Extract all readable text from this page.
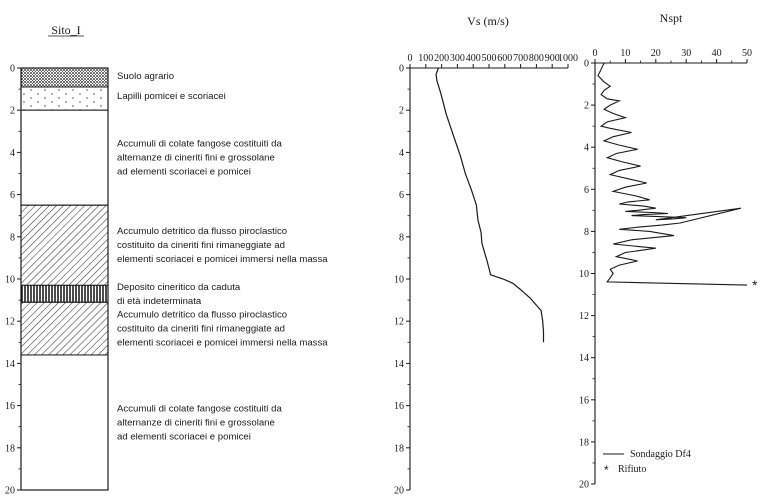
Sito_I
Suolo agrario
Lapilli pomicei e scoriacei
Accumuli di colate fangose costituiti da
alternanze di cineriti fini e grossolane
ad elementi scoriacei e pomicei
Accumulo detritico da flusso piroclastico
costituito da cineriti fini rimaneggiate ad
elementi scoriacei e pomicei immersi nella massa
Deposito cineritico da caduta
di età indeterminata
Accumulo detritico da flusso piroclastico
costituito da cineriti fini rimaneggiate ad
elementi scoriacei e pomicei immersi nella massa
Accumuli di colate fangose costituiti da
alternanze di cineriti fini e grossolane
ad elementi scoriacei e pomicei
0
2
4
6
8
10
12
14
16
18
20
Vs (m/s)
0 100 200 300 400 500 600 700 800 900
1000
0
2
4
6
8
10
12
14
16
18
20
Nspt
0 10 20 30 40 50
0
2
4
6
8
10
12
14
16
18
20
*
Sondaggio Df4
* Rifiuto
